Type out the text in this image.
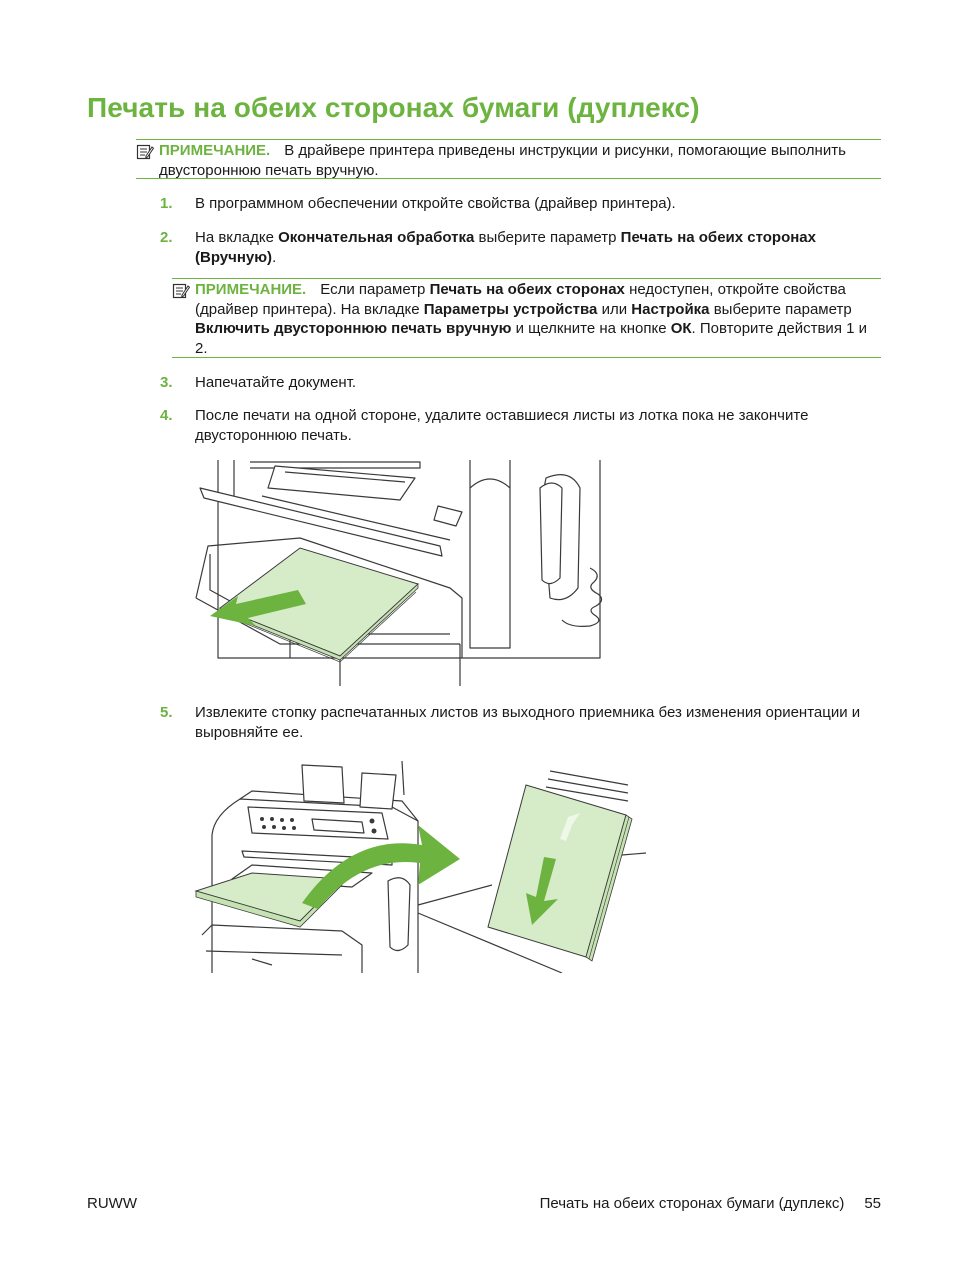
Печать на обеих сторонах бумаги (дуплекс)
ПРИМЕЧАНИЕ. В драйвере принтера приведены инструкции и рисунки, помогающие выполнить двустороннюю печать вручную.
1. В программном обеспечении откройте свойства (драйвер принтера).
2. На вкладке Окончательная обработка выберите параметр Печать на обеих сторонах (Вручную).
ПРИМЕЧАНИЕ. Если параметр Печать на обеих сторонах недоступен, откройте свойства (драйвер принтера). На вкладке Параметры устройства или Настройка выберите параметр Включить двустороннюю печать вручную и щелкните на кнопке ОК. Повторите действия 1 и 2.
3. Напечатайте документ.
4. После печати на одной стороне, удалите оставшиеся листы из лотка пока не закончите двустороннюю печать.
5. Извлеките стопку распечатанных листов из выходного приемника без изменения ориентации и выровняйте ее.
RUWW	Печать на обеих сторонах бумаги (дуплекс) 55
